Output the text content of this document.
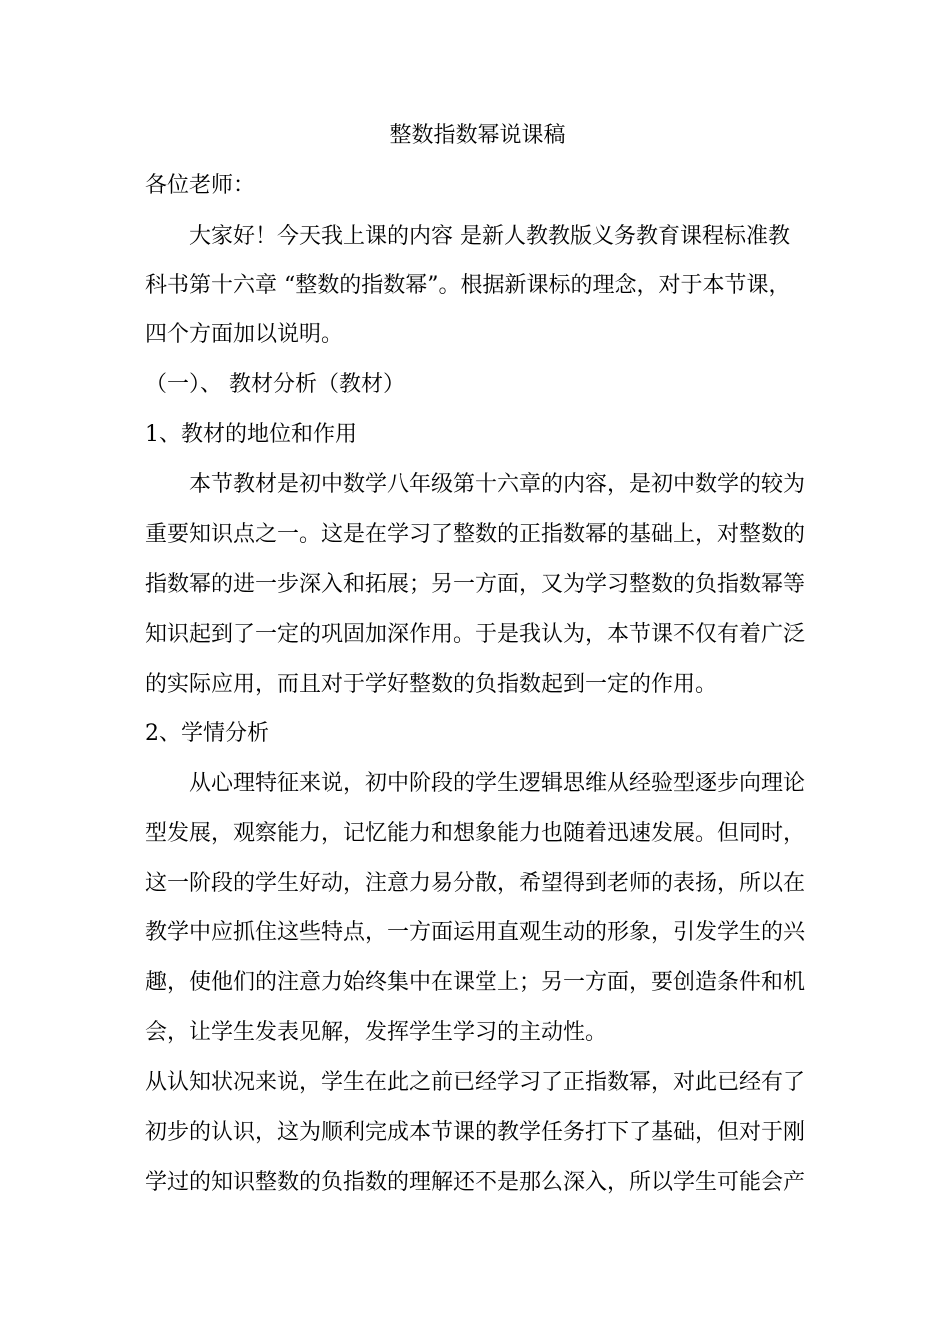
整数指数幂说课稿
各位老师：
大家好！今天我上课的内容 是新人教教版义务教育课程标准教
科书第十六章 “整数的指数幂”。根据新课标的理念，对于本节课，
四个方面加以说明。
（一）、 教材分析（教材）
1、教材的地位和作用
本节教材是初中数学八年级第十六章的内容，是初中数学的较为
重要知识点之一。这是在学习了整数的正指数幂的基础上，对整数的
指数幂的进一步深入和拓展；另一方面，又为学习整数的负指数幂等
知识起到了一定的巩固加深作用。于是我认为，本节课不仅有着广泛
的实际应用，而且对于学好整数的负指数起到一定的作用。
2、学情分析
从心理特征来说，初中阶段的学生逻辑思维从经验型逐步向理论
型发展，观察能力，记忆能力和想象能力也随着迅速发展。但同时，
这一阶段的学生好动，注意力易分散，希望得到老师的表扬，所以在
教学中应抓住这些特点，一方面运用直观生动的形象，引发学生的兴
趣，使他们的注意力始终集中在课堂上；另一方面，要创造条件和机
会，让学生发表见解，发挥学生学习的主动性。
从认知状况来说，学生在此之前已经学习了正指数幂，对此已经有了
初步的认识，这为顺利完成本节课的教学任务打下了基础，但对于刚
学过的知识整数的负指数的理解还不是那么深入，所以学生可能会产
